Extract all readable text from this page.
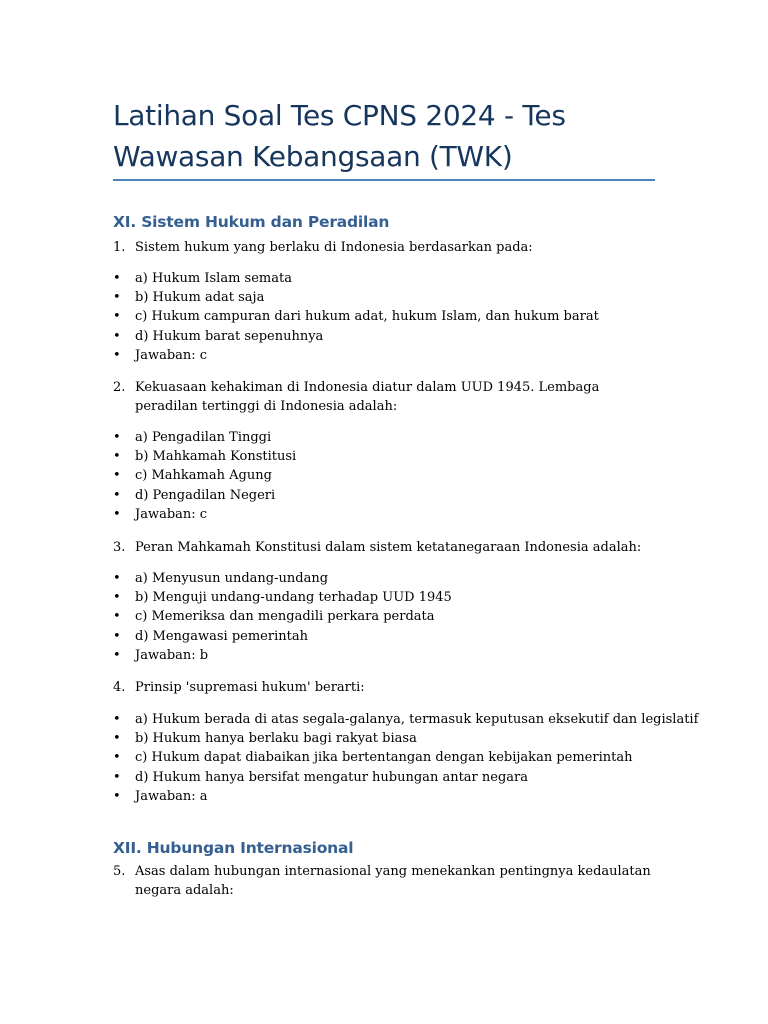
Latihan Soal Tes CPNS 2024 - Tes Wawasan Kebangsaan (TWK)
XI. Sistem Hukum dan Peradilan
1. Sistem hukum yang berlaku di Indonesia berdasarkan pada:
• a) Hukum Islam semata
• b) Hukum adat saja
• c) Hukum campuran dari hukum adat, hukum Islam, dan hukum barat
• d) Hukum barat sepenuhnya
• Jawaban: c
2. Kekuasaan kehakiman di Indonesia diatur dalam UUD 1945. Lembaga peradilan tertinggi di Indonesia adalah:
• a) Pengadilan Tinggi
• b) Mahkamah Konstitusi
• c) Mahkamah Agung
• d) Pengadilan Negeri
• Jawaban: c
3. Peran Mahkamah Konstitusi dalam sistem ketatanegaraan Indonesia adalah:
• a) Menyusun undang-undang
• b) Menguji undang-undang terhadap UUD 1945
• c) Memeriksa dan mengadili perkara perdata
• d) Mengawasi pemerintah
• Jawaban: b
4. Prinsip 'supremasi hukum' berarti:
• a) Hukum berada di atas segala-galanya, termasuk keputusan eksekutif dan legislatif
• b) Hukum hanya berlaku bagi rakyat biasa
• c) Hukum dapat diabaikan jika bertentangan dengan kebijakan pemerintah
• d) Hukum hanya bersifat mengatur hubungan antar negara
• Jawaban: a
XII. Hubungan Internasional
5. Asas dalam hubungan internasional yang menekankan pentingnya kedaulatan negara adalah:
